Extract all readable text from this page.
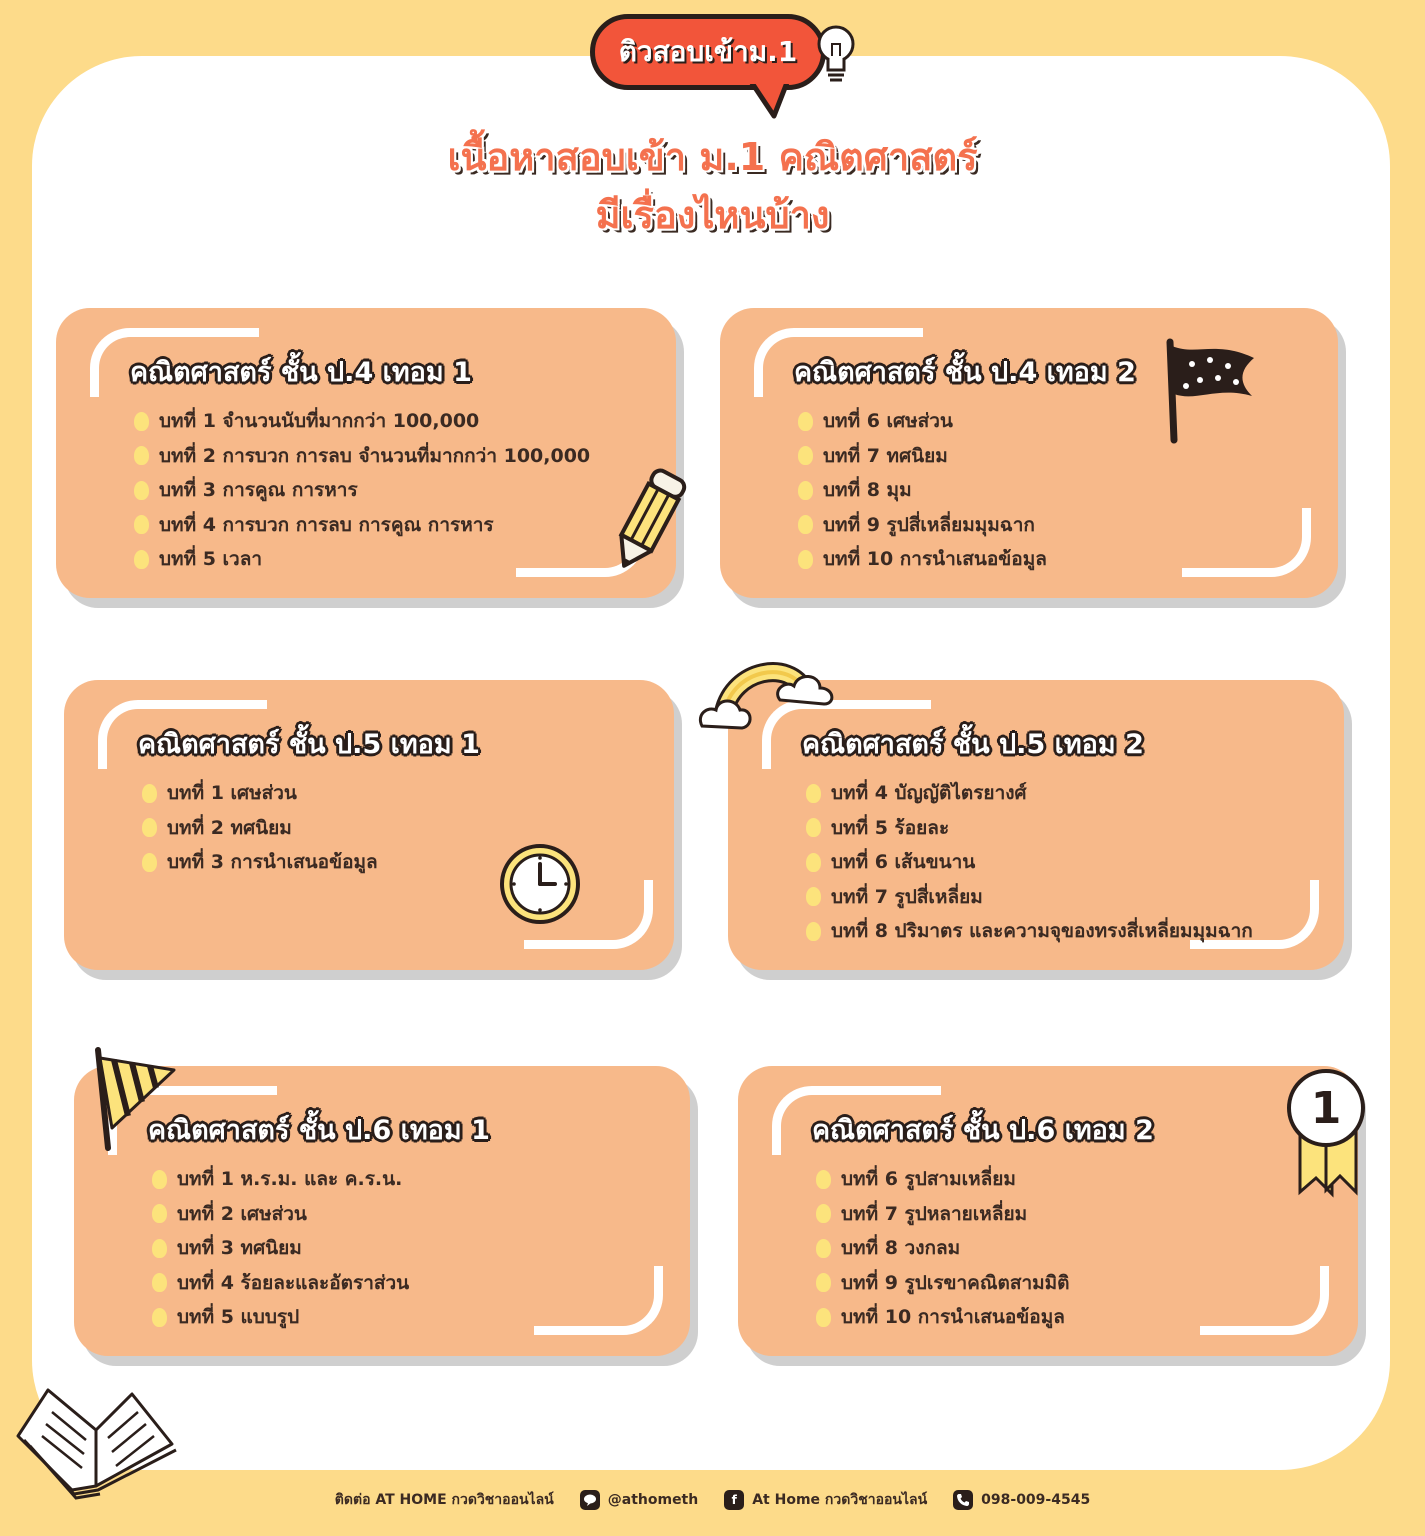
ติวสอบเข้าม.1
เนื้อหาสอบเข้า ม.1 คณิตศาสตร์
มีเรื่องไหนบ้าง
คณิตศาสตร์ ชั้น ป.4 เทอม 1
บทที่ 1 จำนวนนับที่มากกว่า 100,000
บทที่ 2 การบวก การลบ จำนวนที่มากกว่า 100,000
บทที่ 3 การคูณ การหาร
บทที่ 4 การบวก การลบ การคูณ การหาร
บทที่ 5 เวลา
คณิตศาสตร์ ชั้น ป.4 เทอม 2
บทที่ 6 เศษส่วน
บทที่ 7 ทศนิยม
บทที่ 8 มุม
บทที่ 9 รูปสี่เหลี่ยมมุมฉาก
บทที่ 10 การนำเสนอข้อมูล
คณิตศาสตร์ ชั้น ป.5 เทอม 1
บทที่ 1 เศษส่วน
บทที่ 2 ทศนิยม
บทที่ 3 การนำเสนอข้อมูล
คณิตศาสตร์ ชั้น ป.5 เทอม 2
บทที่ 4 บัญญัติไตรยางศ์
บทที่ 5 ร้อยละ
บทที่ 6 เส้นขนาน
บทที่ 7 รูปสี่เหลี่ยม
บทที่ 8 ปริมาตร และความจุของทรงสี่เหลี่ยมมุมฉาก
คณิตศาสตร์ ชั้น ป.6 เทอม 1
บทที่ 1 ห.ร.ม. และ ค.ร.น.
บทที่ 2 เศษส่วน
บทที่ 3 ทศนิยม
บทที่ 4 ร้อยละและอัตราส่วน
บทที่ 5 แบบรูป
คณิตศาสตร์ ชั้น ป.6 เทอม 2
บทที่ 6 รูปสามเหลี่ยม
บทที่ 7 รูปหลายเหลี่ยม
บทที่ 8 วงกลม
บทที่ 9 รูปเรขาคณิตสามมิติ
บทที่ 10 การนำเสนอข้อมูล
1
ติดต่อ AT HOME กวดวิชาออนไลน์	@athometh	f	At Home กวดวิชาออนไลน์	098-009-4545
